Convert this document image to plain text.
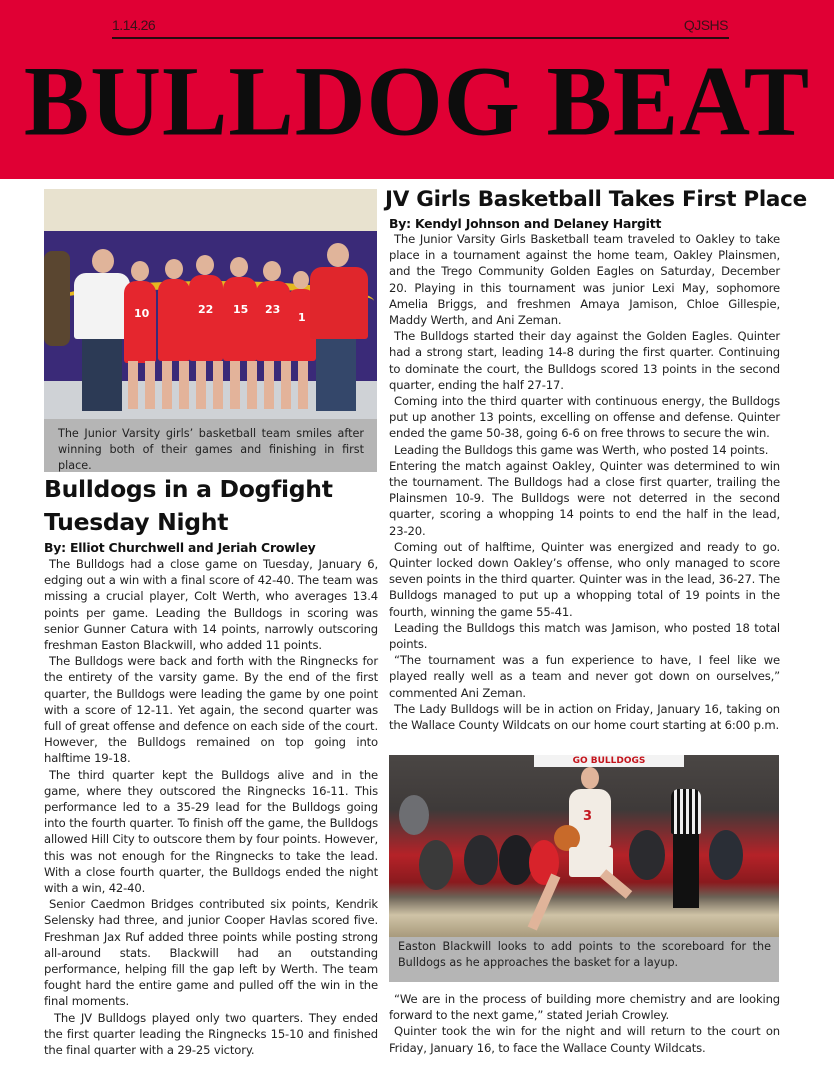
1.14.26	QJSHS
BULLDOG BEAT
10	22 15 23
1
The Junior Varsity girls’ basketball team smiles after winning both of their games and finishing in first place.
Bulldogs in a Dogfight
Tuesday Night
By: Elliot Churchwell and Jeriah Crowley

The Bulldogs had a close game on Tuesday, January 6, edging out a win with a final score of 42-40. The team was missing a crucial player, Colt Werth, who averages 13.4 points per game. Leading the Bulldogs in scoring was senior Gunner Catura with 14 points, narrowly outscoring freshman Easton Blackwill, who added 11 points.

The Bulldogs were back and forth with the Ringnecks for the entirety of the varsity game. By the end of the first quarter, the Bulldogs were leading the game by one point with a score of 12-11. Yet again, the second quarter was full of great offense and defence on each side of the court. However, the Bulldogs remained on top going into halftime 19-18.

The third quarter kept the Bulldogs alive and in the game, where they outscored the Ringnecks 16-11. This performance led to a 35-29 lead for the Bulldogs going into the fourth quarter. To finish off the game, the Bulldogs allowed Hill City to outscore them by four points. However, this was not enough for the Ringnecks to take the lead. With a close fourth quarter, the Bulldogs ended the night with a win, 42-40.

Senior Caedmon Bridges contributed six points, Kendrik Selensky had three, and junior Cooper Havlas scored five. Freshman Jax Ruf added three points while posting strong all-around stats. Blackwill had an outstanding performance, helping fill the gap left by Werth. The team fought hard the entire game and pulled off the win in the final moments.

The JV Bulldogs played only two quarters. They ended the first quarter leading the Ringnecks 15-10 and finished the final quarter with a 29-25 victory.

JV Girls Basketball Takes First Place
By: Kendyl Johnson and Delaney Hargitt

The Junior Varsity Girls Basketball team traveled to Oakley to take place in a tournament against the home team, Oakley Plainsmen, and the Trego Community Golden Eagles on Saturday, December 20. Playing in this tournament was junior Lexi May, sophomore Amelia Briggs, and freshmen Amaya Jamison, Chloe Gillespie, Maddy Werth, and Ani Zeman.

The Bulldogs started their day against the Golden Eagles. Quinter had a strong start, leading 14-8 during the first quarter. Continuing to dominate the court, the Bulldogs scored 13 points in the second quarter, ending the half 27-17.

Coming into the third quarter with continuous energy, the Bulldogs put up another 13 points, excelling on offense and defense. Quinter ended the game 50-38, going 6-6 on free throws to secure the win.

Leading the Bulldogs this game was Werth, who posted 14 points.

Entering the match against Oakley, Quinter was determined to win the tournament. The Bulldogs had a close first quarter, trailing the Plainsmen 10-9. The Bulldogs were not deterred in the second quarter, scoring a whopping 14 points to end the half in the lead, 23-20.

Coming out of halftime, Quinter was energized and ready to go. Quinter locked down Oakley’s offense, who only managed to score seven points in the third quarter. Quinter was in the lead, 36-27. The Bulldogs managed to put up a whopping total of 19 points in the fourth, winning the game 55-41.

Leading the Bulldogs this match was Jamison, who posted 18 total points.

“The tournament was a fun experience to have, I feel like we played really well as a team and never got down on ourselves,” commented Ani Zeman.

The Lady Bulldogs will be in action on Friday, January 16, taking on the Wallace County Wildcats on our home court starting at 6:00 p.m.

GO BULLDOGS
3
Easton Blackwill looks to add points to the scoreboard for the Bulldogs as he approaches the basket for a layup.

“We are in the process of building more chemistry and are looking forward to the next game,” stated Jeriah Crowley.

Quinter took the win for the night and will return to the court on Friday, January 16, to face the Wallace County Wildcats.
